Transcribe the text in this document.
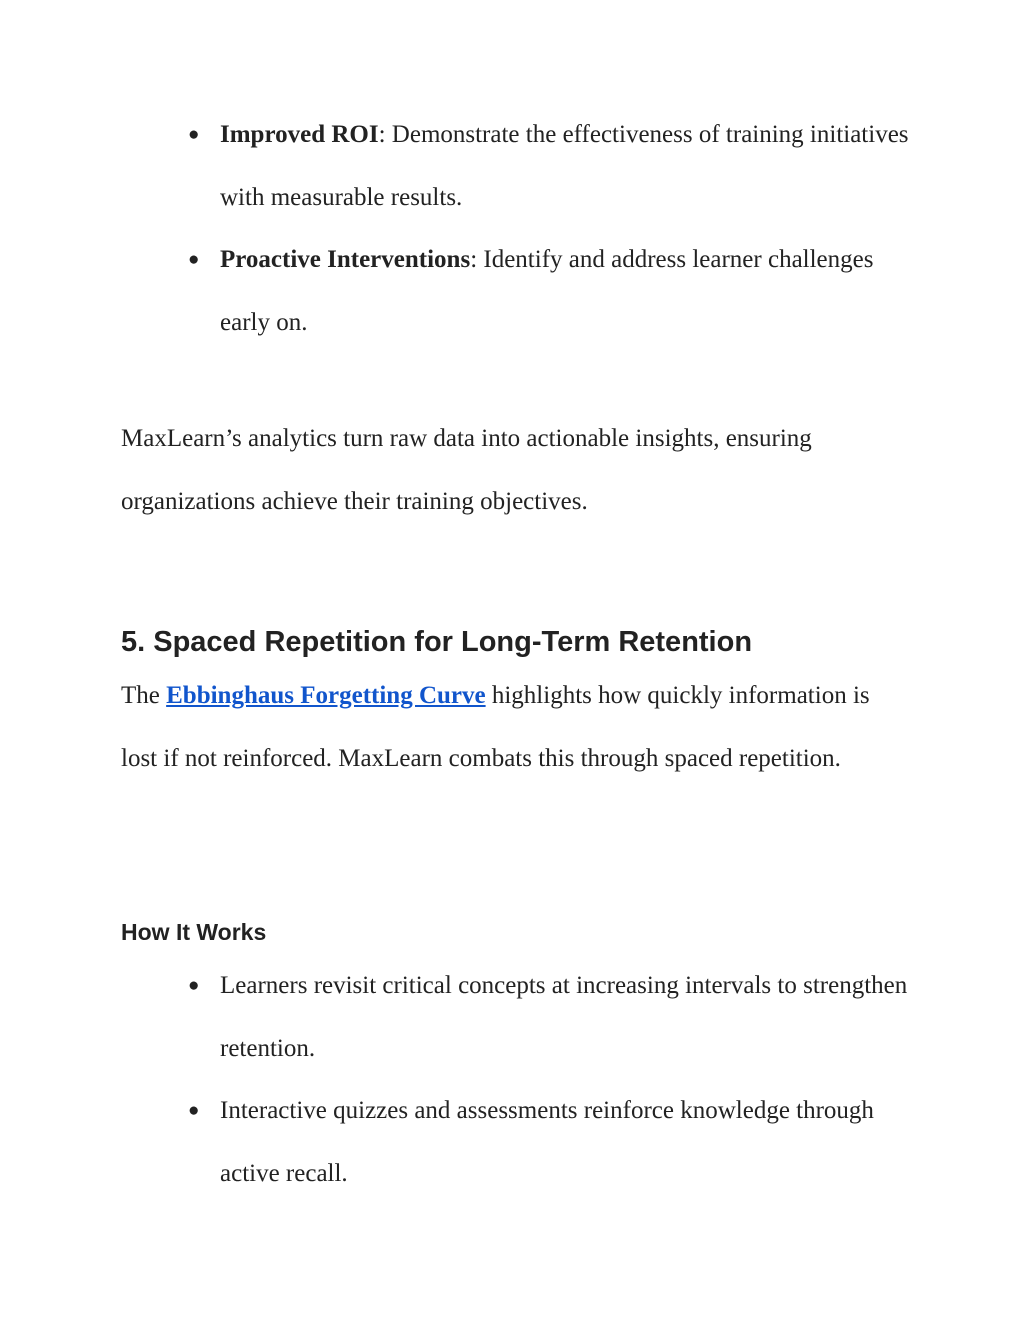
● Improved ROI: Demonstrate the effectiveness of training initiatives with measurable results.
● Proactive Interventions: Identify and address learner challenges early on.

MaxLearn’s analytics turn raw data into actionable insights, ensuring organizations achieve their training objectives.

5. Spaced Repetition for Long-Term Retention

The Ebbinghaus Forgetting Curve highlights how quickly information is lost if not reinforced. MaxLearn combats this through spaced repetition.

How It Works
● Learners revisit critical concepts at increasing intervals to strengthen retention.
● Interactive quizzes and assessments reinforce knowledge through active recall.
